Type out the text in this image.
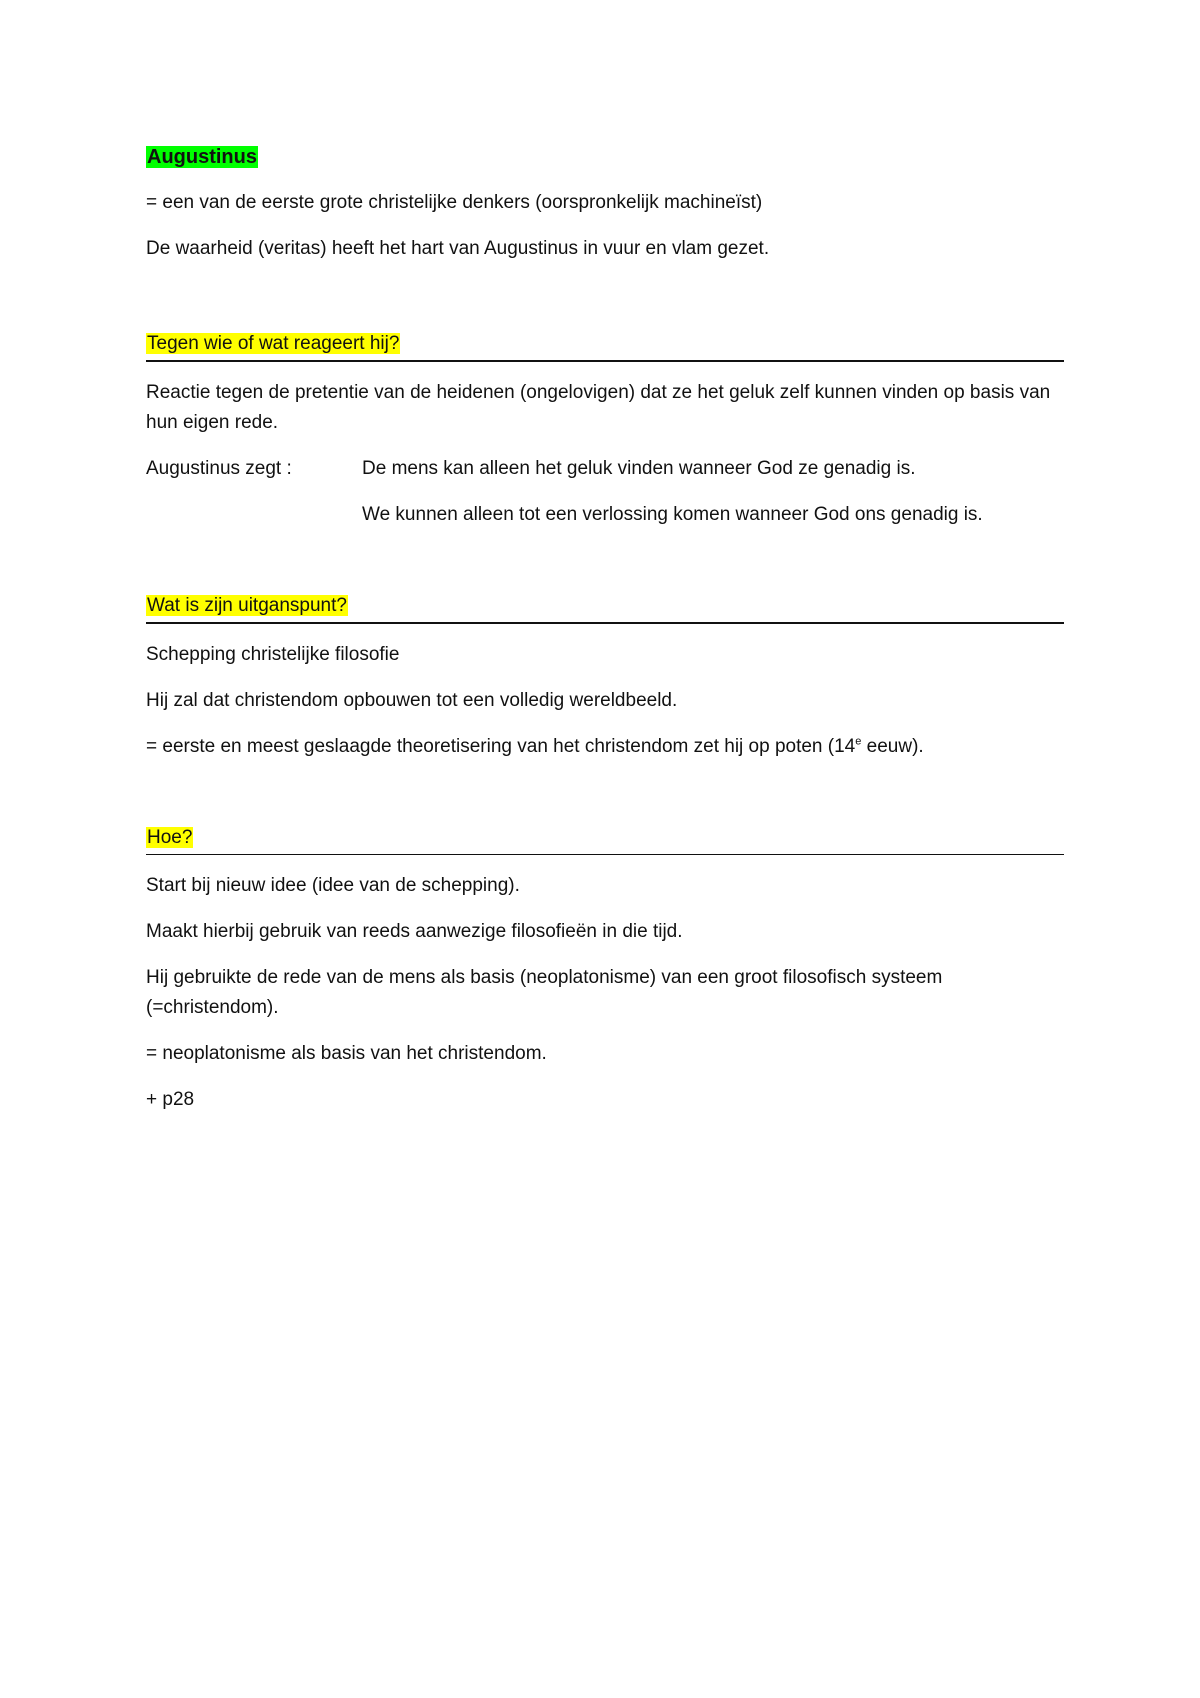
Augustinus

= een van de eerste grote christelijke denkers (oorspronkelijk machineïst)

De waarheid (veritas) heeft het hart van Augustinus in vuur en vlam gezet.

Tegen wie of wat reageert hij?

Reactie tegen de pretentie van de heidenen (ongelovigen) dat ze het geluk zelf kunnen vinden op basis van hun eigen rede.

Augustinus zegt :	De mens kan alleen het geluk vinden wanneer God ze genadig is.

We kunnen alleen tot een verlossing komen wanneer God ons genadig is.

Wat is zijn uitganspunt?

Schepping christelijke filosofie

Hij zal dat christendom opbouwen tot een volledig wereldbeeld.

= eerste en meest geslaagde theoretisering van het christendom zet hij op poten (14e eeuw).

Hoe?

Start bij nieuw idee (idee van de schepping).

Maakt hierbij gebruik van reeds aanwezige filosofieën in die tijd.

Hij gebruikte de rede van de mens als basis (neoplatonisme) van een groot filosofisch systeem (=christendom).

= neoplatonisme als basis van het christendom.

+ p28
